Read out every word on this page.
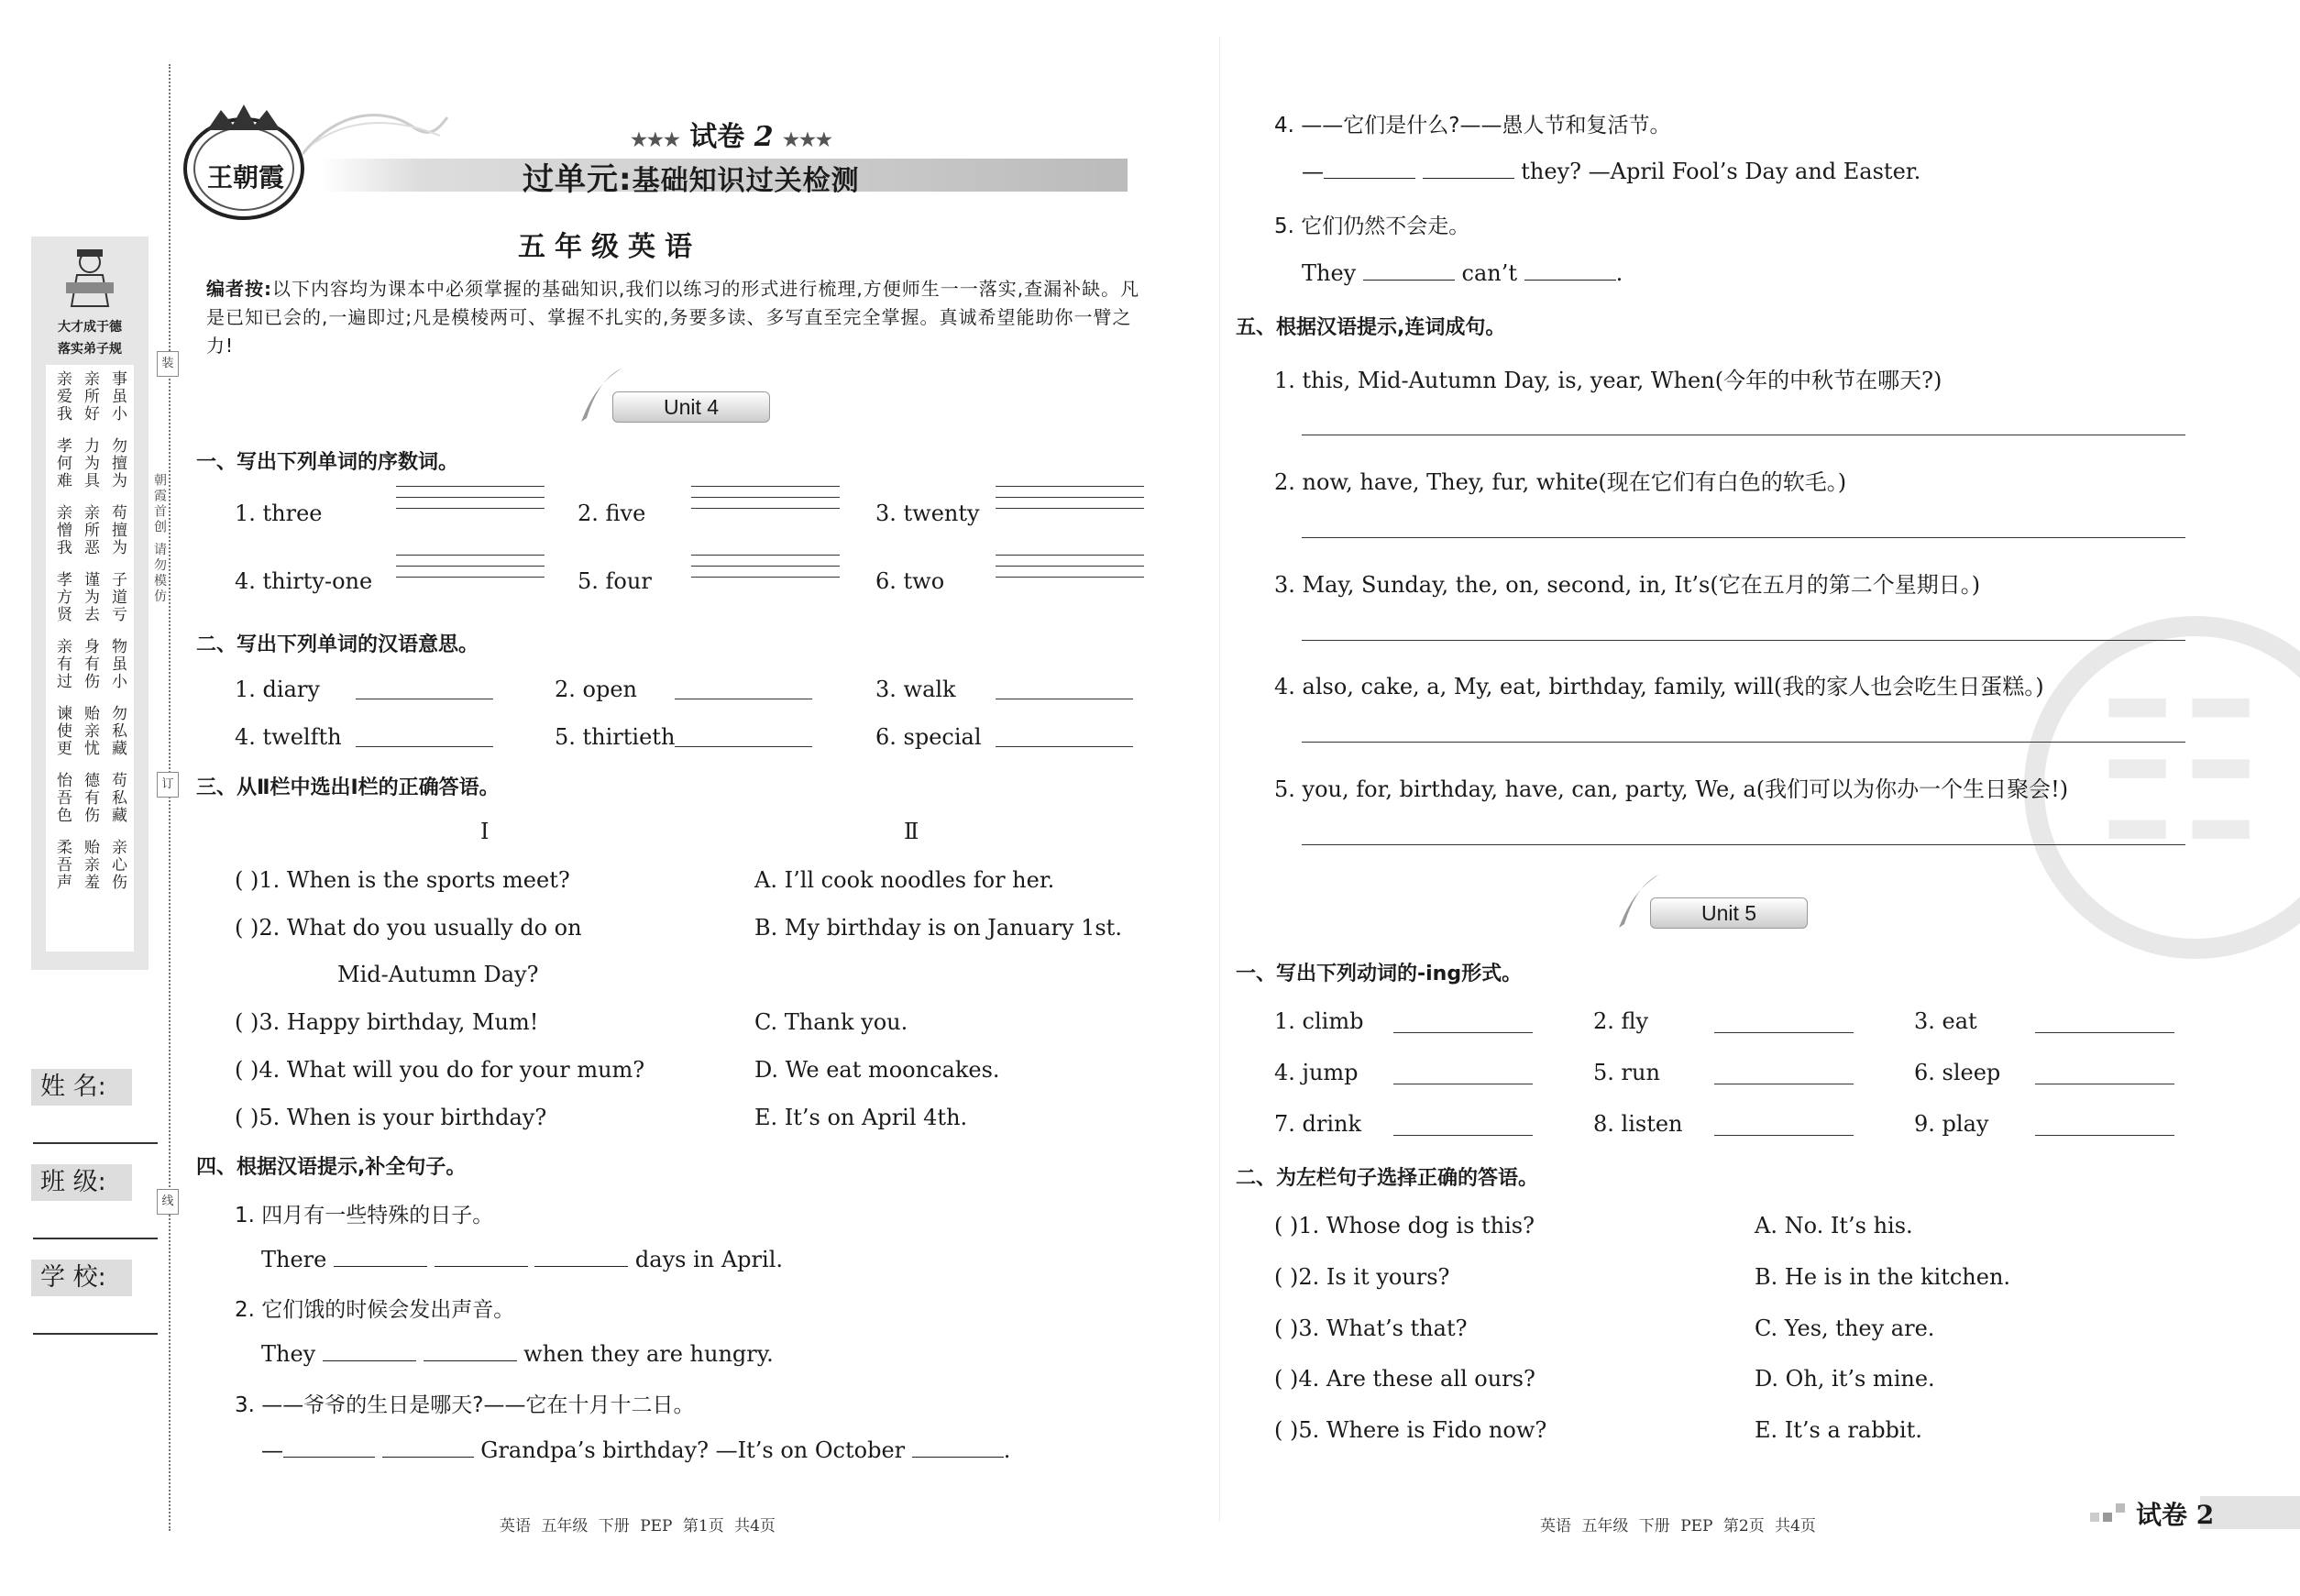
☷
大才成于德
落实弟子规
亲爱我 亲所好 事虽小
孝何难 力为具 勿擅为
亲憎我 亲所恶 苟擅为
孝方贤 谨为去 子道亏
亲有过 身有伤 物虽小
谏使更 贻亲忧 勿私藏
怡吾色 德有伤 苟私藏
柔吾声 贻亲羞 亲心伤
装
订
线
朝霞首创 请勿模仿
姓 名:
班 级:
学 校:
王朝霞
★★★ 试卷 2 ★★★
过单元:基础知识过关检测
五年级英语
编者按:以下内容均为课本中必须掌握的基础知识,我们以练习的形式进行梳理,方便师生一一落实,查漏补缺。凡是已知已会的,一遍即过;凡是模棱两可、掌握不扎实的,务要多读、多写直至完全掌握。真诚希望能助你一臂之力!
Unit 4
一、写出下列单词的序数词。
1. three	2. five	3. twenty
4. thirty-one	5. four	6. two
二、写出下列单词的汉语意思。
1. diary	2. open	3. walk
4. twelfth	5. thirtieth	6. special
三、从Ⅱ栏中选出Ⅰ栏的正确答语。
Ⅰ	Ⅱ
( )1. When is the sports meet?
( )2. What do you usually do on
Mid-Autumn Day?
( )3. Happy birthday, Mum!
( )4. What will you do for your mum?
( )5. When is your birthday?
A. I’ll cook noodles for her.
B. My birthday is on January 1st.
C. Thank you.
D. We eat mooncakes.
E. It’s on April 4th.
四、根据汉语提示,补全句子。
1. 四月有一些特殊的日子。
There	days in April.
2. 它们饿的时候会发出声音。
They	when they are hungry.
3. ——爷爷的生日是哪天?——它在十月十二日。
—	Grandpa’s birthday? —It’s on October	.
4. ——它们是什么?——愚人节和复活节。
—	they? —April Fool’s Day and Easter.
5. 它们仍然不会走。
They	can’t	.
五、根据汉语提示,连词成句。
1. this, Mid-Autumn Day, is, year, When(今年的中秋节在哪天?)
2. now, have, They, fur, white(现在它们有白色的软毛。)
3. May, Sunday, the, on, second, in, It’s(它在五月的第二个星期日。)
4. also, cake, a, My, eat, birthday, family, will(我的家人也会吃生日蛋糕。)
5. you, for, birthday, have, can, party, We, a(我们可以为你办一个生日聚会!)
Unit 5
一、写出下列动词的-ing形式。
1. climb	2. fly	3. eat
4. jump	5. run	6. sleep
7. drink	8. listen	9. play
二、为左栏句子选择正确的答语。
( )1. Whose dog is this?
( )2. Is it yours?
( )3. What’s that?
( )4. Are these all ours?
( )5. Where is Fido now?
A. No. It’s his.
B. He is in the kitchen.
C. Yes, they are.
D. Oh, it’s mine.
E. It’s a rabbit.
英语 五年级 下册 PEP 第1页 共4页	英语 五年级 下册 PEP 第2页 共4页	试卷 2
